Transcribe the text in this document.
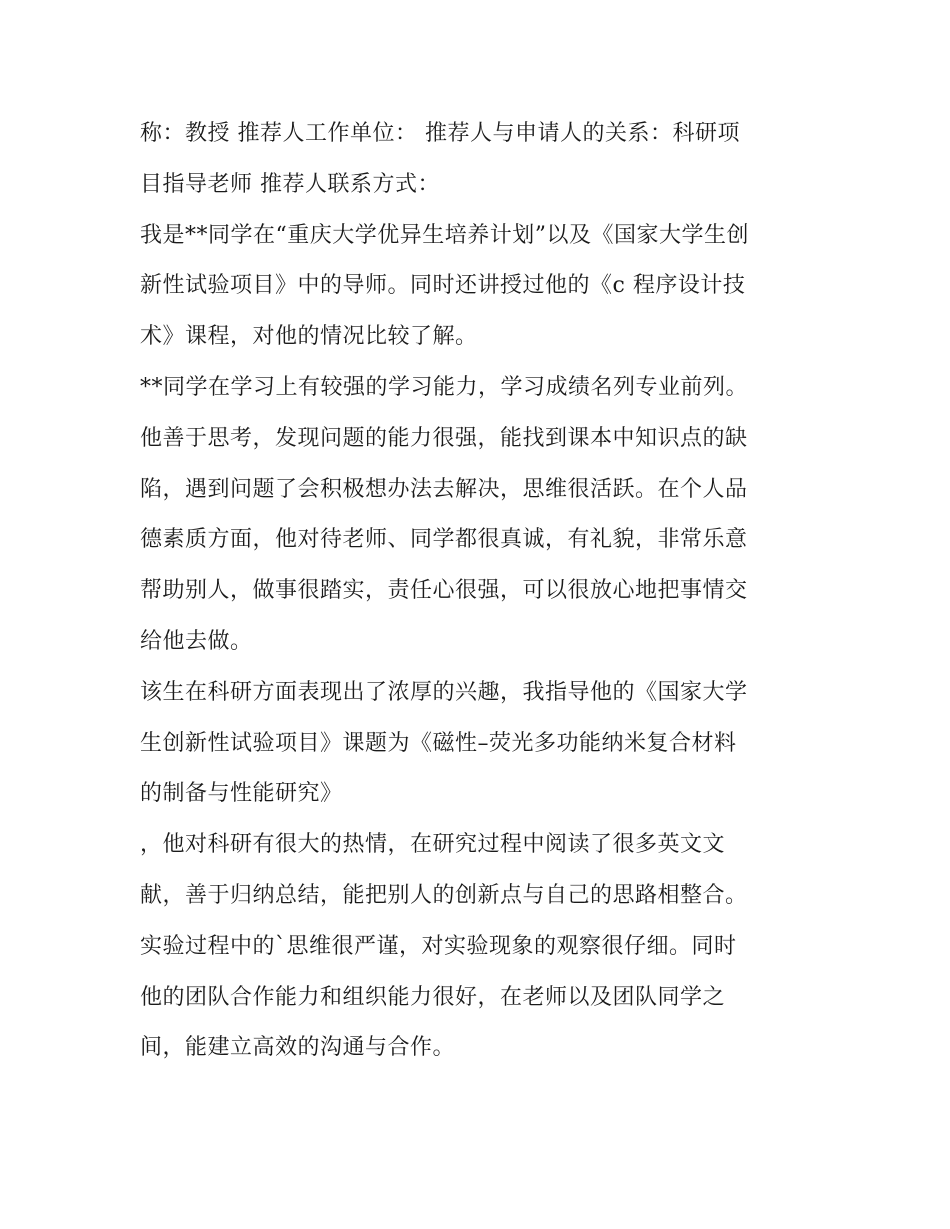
称：教授 推荐人工作单位： 推荐人与申请人的关系：科研项
目指导老师 推荐人联系方式：
我是**同学在“重庆大学优异生培养计划”以及《国家大学生创
新性试验项目》中的导师。同时还讲授过他的《c 程序设计技
术》课程，对他的情况比较了解。
**同学在学习上有较强的学习能力，学习成绩名列专业前列。
他善于思考，发现问题的能力很强，能找到课本中知识点的缺
陷，遇到问题了会积极想办法去解决，思维很活跃。在个人品
德素质方面，他对待老师、同学都很真诚，有礼貌，非常乐意
帮助别人，做事很踏实，责任心很强，可以很放心地把事情交
给他去做。
该生在科研方面表现出了浓厚的兴趣，我指导他的《国家大学
生创新性试验项目》课题为《磁性–荧光多功能纳米复合材料
的制备与性能研究》
，他对科研有很大的热情，在研究过程中阅读了很多英文文
献，善于归纳总结，能把别人的创新点与自己的思路相整合。
实验过程中的`思维很严谨，对实验现象的观察很仔细。同时
他的团队合作能力和组织能力很好，在老师以及团队同学之
间，能建立高效的沟通与合作。
